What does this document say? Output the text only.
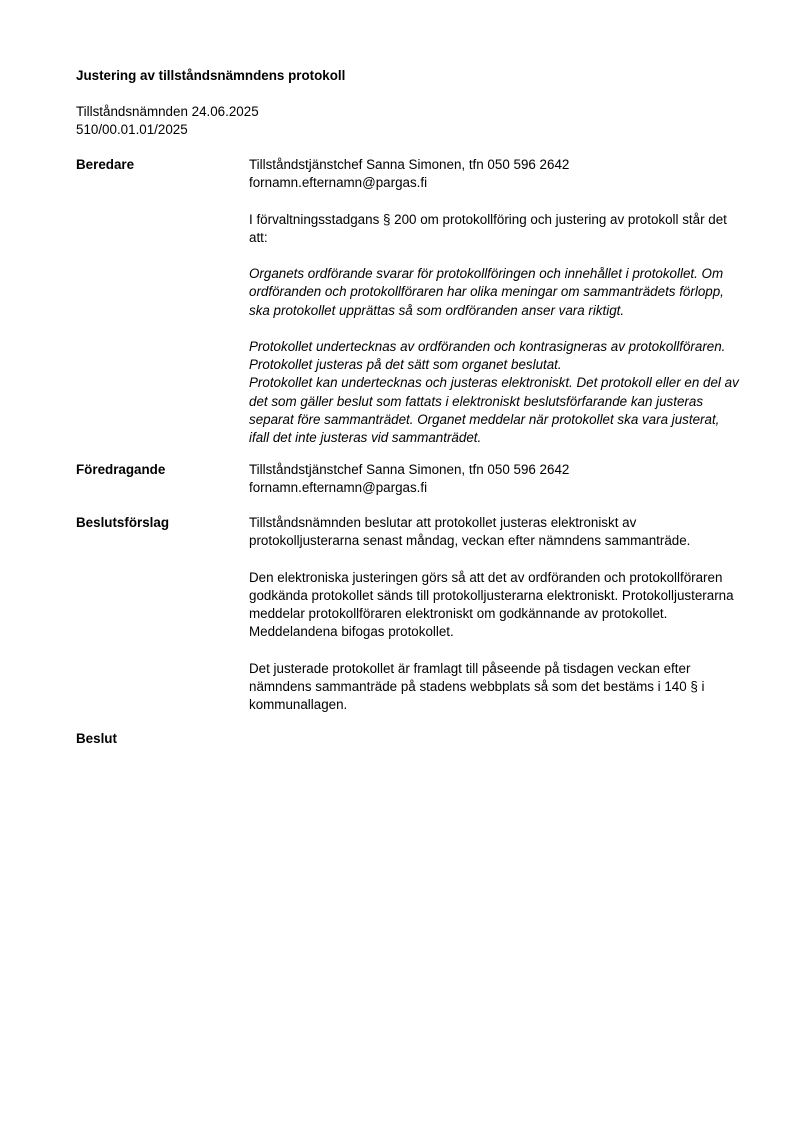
Justering av tillståndsnämndens protokoll
Tillståndsnämnden 24.06.2025
510/00.01.01/2025
Beredare	Tillståndstjänstchef Sanna Simonen, tfn 050 596 2642
fornamn.efternamn@pargas.fi

I förvaltningsstadgans § 200 om protokollföring och justering av protokoll står det att:

Organets ordförande svarar för protokollföringen och innehållet i protokollet. Om ordföranden och protokollföraren har olika meningar om sammanträdets förlopp, ska protokollet upprättas så som ordföranden anser vara riktigt.

Protokollet undertecknas av ordföranden och kontrasigneras av protokollföraren.
Protokollet justeras på det sätt som organet beslutat.
Protokollet kan undertecknas och justeras elektroniskt. Det protokoll eller en del av det som gäller beslut som fattats i elektroniskt beslutsförfarande kan justeras separat före sammanträdet. Organet meddelar när protokollet ska vara justerat, ifall det inte justeras vid sammanträdet.

Föredragande	Tillståndstjänstchef Sanna Simonen, tfn 050 596 2642
fornamn.efternamn@pargas.fi

Beslutsförslag	Tillståndsnämnden beslutar att protokollet justeras elektroniskt av protokolljusterarna senast måndag, veckan efter nämndens sammanträde.

Den elektroniska justeringen görs så att det av ordföranden och protokollföraren godkända protokollet sänds till protokolljusterarna elektroniskt. Protokolljusterarna meddelar protokollföraren elektroniskt om godkännande av protokollet. Meddelandena bifogas protokollet.

Det justerade protokollet är framlagt till påseende på tisdagen veckan efter nämndens sammanträde på stadens webbplats så som det bestäms i 140 § i kommunallagen.

Beslut
